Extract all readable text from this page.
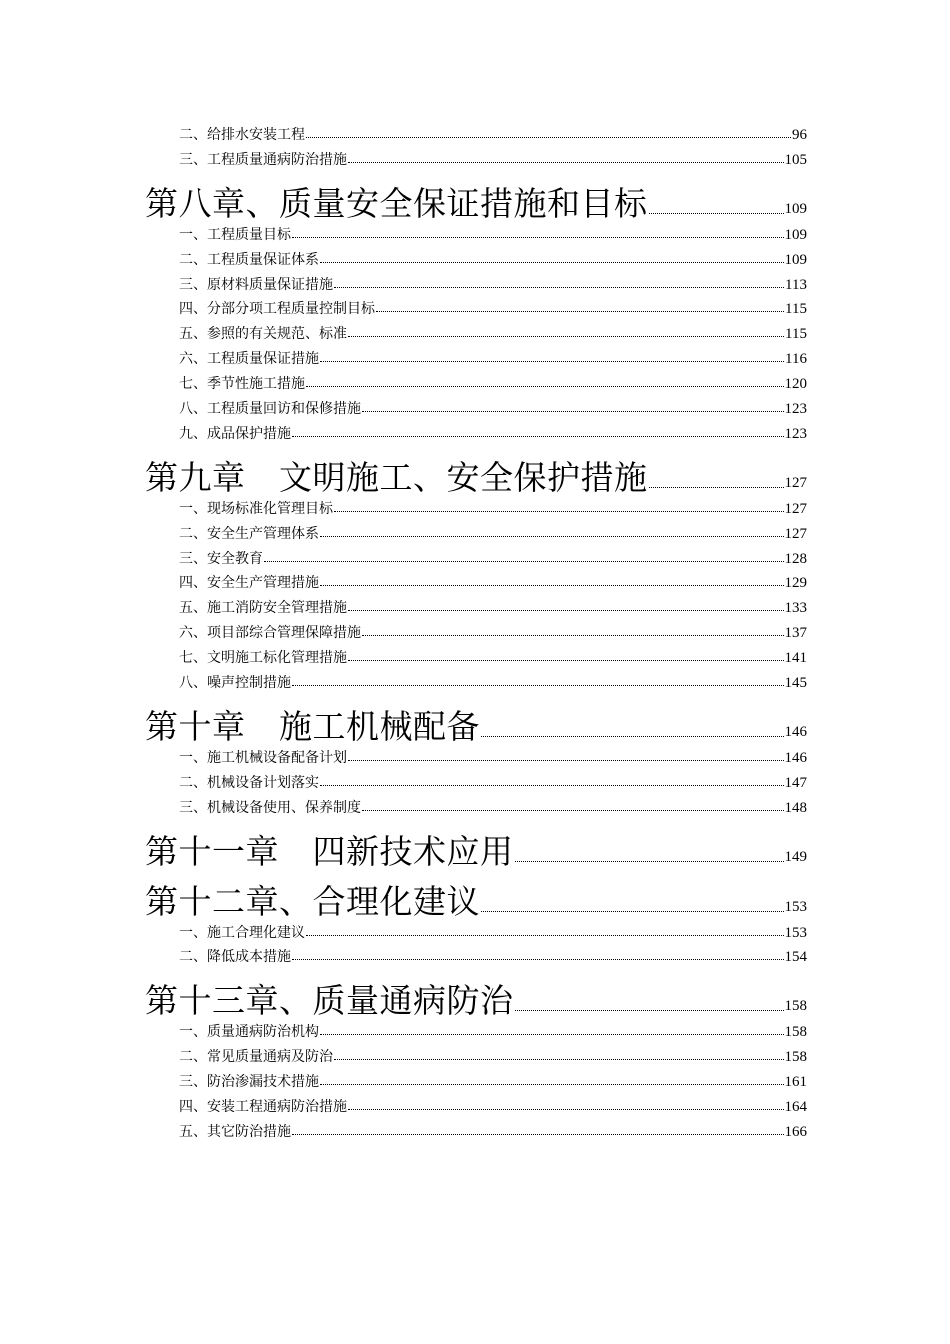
二、给排水安装工程	96
三、工程质量通病防治措施	105
第八章、质量安全保证措施和目标	109
一、工程质量目标	109
二、工程质量保证体系	109
三、原材料质量保证措施	113
四、分部分项工程质量控制目标	115
五、参照的有关规范、标准	115
六、工程质量保证措施	116
七、季节性施工措施	120
八、工程质量回访和保修措施	123
九、成品保护措施	123
第九章　文明施工、安全保护措施	127
一、现场标准化管理目标	127
二、安全生产管理体系	127
三、安全教育	128
四、安全生产管理措施	129
五、施工消防安全管理措施	133
六、项目部综合管理保障措施	137
七、文明施工标化管理措施	141
八、噪声控制措施	145
第十章　施工机械配备	146
一、施工机械设备配备计划	146
二、机械设备计划落实	147
三、机械设备使用、保养制度	148
第十一章　四新技术应用	149
第十二章、合理化建议	153
一、施工合理化建议	153
二、降低成本措施	154
第十三章、质量通病防治	158
一、质量通病防治机构	158
二、常见质量通病及防治	158
三、防治渗漏技术措施	161
四、安装工程通病防治措施	164
五、其它防治措施	166
